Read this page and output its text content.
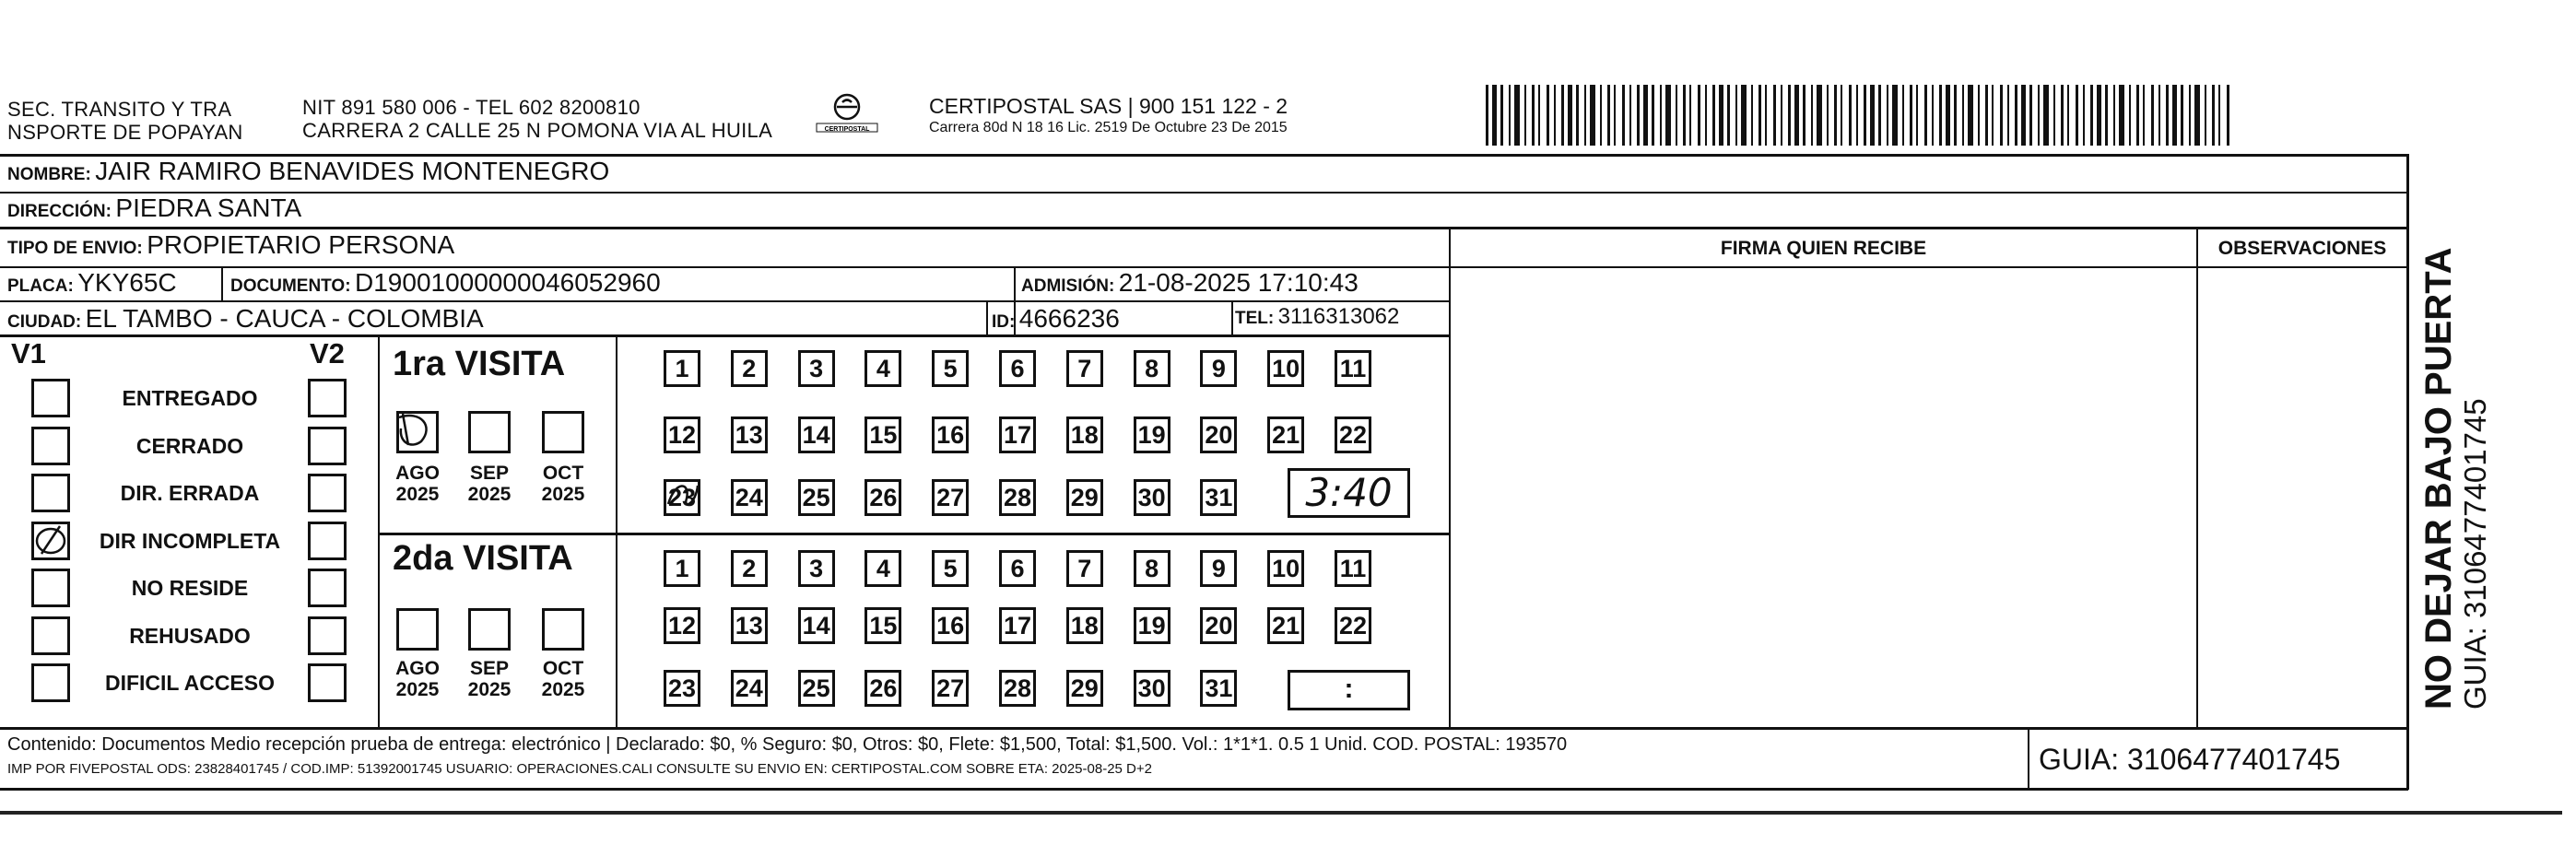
SEC. TRANSITO Y TRA
NSPORTE DE POPAYAN
NIT 891 580 006 - TEL 602 8200810
CARRERA 2 CALLE 25 N POMONA VIA AL HUILA	CERTIPOSTAL
CERTIPOSTAL SAS | 900 151 122 - 2
Carrera 80d N 18 16 Lic. 2519 De Octubre 23 De 2015
NOMBRE: JAIR RAMIRO BENAVIDES MONTENEGRO
DIRECCIÓN: PIEDRA SANTA
TIPO DE ENVIO: PROPIETARIO PERSONA
PLACA: YKY65C	DOCUMENTO: D19001000000046052960	ADMISIÓN: 21-08-2025 17:10:43
CIUDAD: EL TAMBO - CAUCA - COLOMBIA	ID: 4666236	TEL: 3116313062
FIRMA QUIEN RECIBE	OBSERVACIONES
V1	V2
ENTREGADO
CERRADO
DIR. ERRADA
DIR INCOMPLETA
NO RESIDE
REHUSADO
DIFICIL ACCESO
1ra VISITA
AGO
2025
SEP
2025
OCT
2025
1	2	3	4	5	6	7	8	9	10 11
12 13 14 15 16 17 18 19 20 21 22
23 24 25 26 27 28 29 30 31	3:40
2da VISITA
AGO
2025
SEP
2025
OCT
2025
1	2	3	4	5	6	7	8	9	10 11
12 13 14 15 16 17 18 19 20 21 22
23 24 25 26 27 28 29 30 31	:	NO DEJAR BAJO PUERTA GUIA: 3106477401745
Contenido: Documentos Medio recepción prueba de entrega: electrónico | Declarado: $0, % Seguro: $0, Otros: $0, Flete: $1,500, Total: $1,500. Vol.: 1*1*1. 0.5 1 Unid. COD. POSTAL: 193570
IMP POR FIVEPOSTAL ODS: 23828401745 / COD.IMP: 51392001745 USUARIO: OPERACIONES.CALI CONSULTE SU ENVIO EN: CERTIPOSTAL.COM SOBRE ETA: 2025-08-25 D+2	GUIA: 3106477401745
